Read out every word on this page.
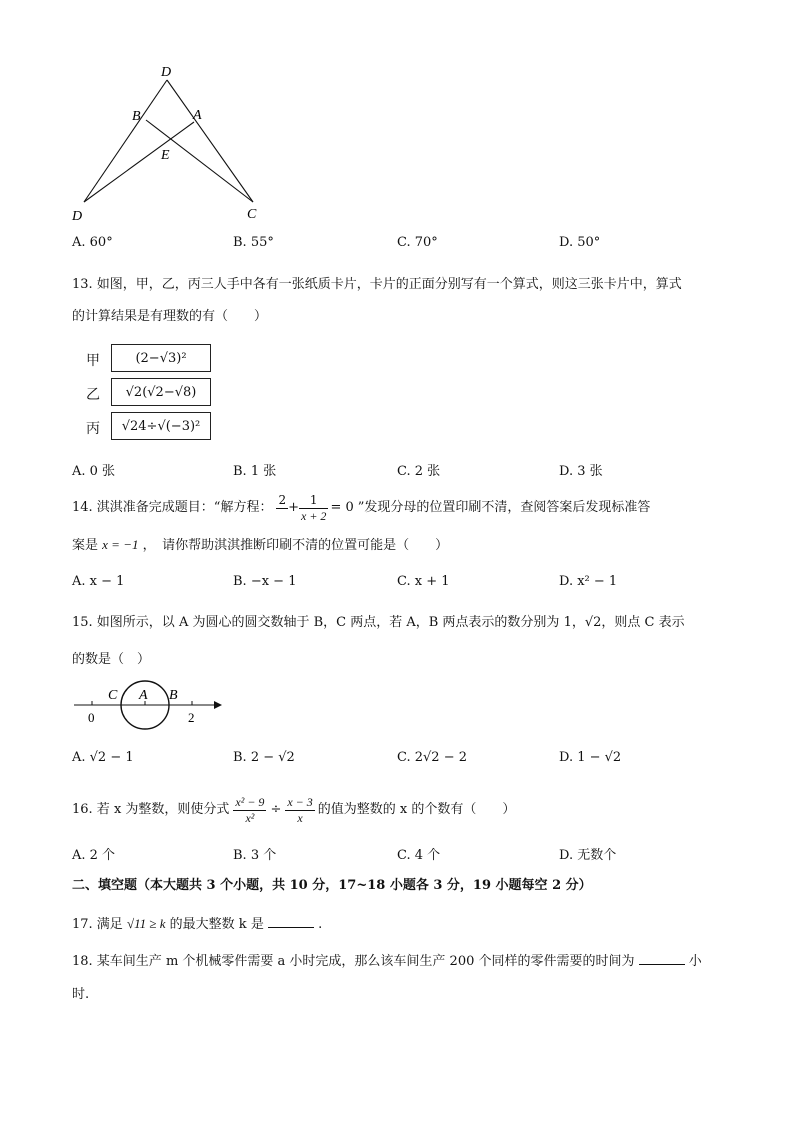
D
B	A
E
D	C
A. 60°	B. 55°	C. 70°	D. 50°
13. 如图，甲，乙，丙三人手中各有一张纸质卡片，卡片的正面分别写有一个算式，则这三张卡片中，算式
的计算结果是有理数的有（　　）
甲	(2−√3)²
乙 √2(√2−√8)
丙 √24÷√(−3)²
A. 0 张	B. 1 张	C. 2 张	D. 3 张
14. 淇淇准备完成题目：“解方程：
2
+ $\frac{1}{x + 2} = 0$ ”发现分母的位置印刷不清，查阅答案后发现标准答
案是 x = −1 ，　请你帮助淇淇推断印刷不清的位置可能是（　　）
A. x − 1	B. −x − 1	C. x + 1	D. x² − 1
15. 如图所示，以 A 为圆心的圆交数轴于 B，C 两点，若 A，B 两点表示的数分别为 1，√2，则点 C 表示
的数是（　）
C A B
0	2
A. √2 − 1	B. 2 − √2	C. 2√2 − 2	D. 1 − √2
16. 若 x 为整数，则使分式 $\frac{\text{x² − 9}}{\text{x²}} \div \frac{x - 3}{x}$ 的值为整数的 x 的个数有（　　）
A. 2 个	B. 3 个	C. 4 个	D. 无数个
二、填空题（本大题共 3 个小题，共 10 分，17~18 小题各 3 分，19 小题每空 2 分）
17. 满足 √11 ≥ k 的最大整数 k 是	.
18. 某车间生产 m 个机械零件需要 a 小时完成，那么该车间生产 200 个同样的零件需要的时间为	小
时.
